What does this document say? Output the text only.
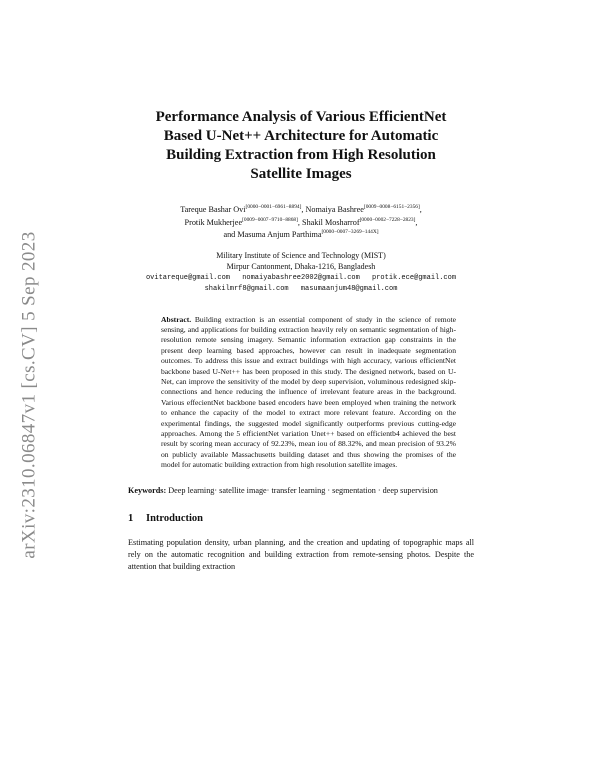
arXiv:2310.06847v1 [cs.CV] 5 Sep 2023
Performance Analysis of Various EfficientNet
Based U-Net++ Architecture for Automatic
Building Extraction from High Resolution
Satellite Images
Tareque Bashar Ovi[0000−0001−6961−8894], Nomaiya Bashree[0009−0008−6151−2356],
Protik Mukherjee[0009−0007−9710−8868], Shakil Mosharrof[0000−0002−7228−2823],
and Masuma Anjum Parthima[0000−0007−3269−144X]
Military Institute of Science and Technology (MIST)
Mirpur Cantonment, Dhaka-1216, Bangladesh
ovitareque@gmail.com nomaiyabashree2002@gmail.com protik.ece@gmail.com
shakilmrf8@gmail.com masumaanjum48@gmail.com
Abstract. Building extraction is an essential component of study in the science of remote sensing, and applications for building extraction heavily rely on semantic segmentation of high-resolution remote sensing imagery. Semantic information extraction gap constraints in the present deep learning based approaches, however can result in inadequate segmentation outcomes. To address this issue and extract buildings with high accuracy, various efficientNet backbone based U-Net++ has been proposed in this study. The designed network, based on U-Net, can improve the sensitivity of the model by deep supervision, voluminous redesigned skip-connections and hence reducing the influence of irrelevant feature areas in the background. Various effecientNet backbone based encoders have been employed when training the network to enhance the capacity of the model to extract more relevant feature. According on the experimental findings, the suggested model significantly outperforms previous cutting-edge approaches. Among the 5 efficientNet variation Unet++ based on efficientb4 achieved the best result by scoring mean accuracy of 92.23%, mean iou of 88.32%, and mean precision of 93.2% on publicly available Massachusetts building dataset and thus showing the promises of the model for automatic building extraction from high resolution satellite images.
Keywords: Deep learning· satellite image· transfer learning · segmentation · deep supervision
1 Introduction
Estimating population density, urban planning, and the creation and updating of topographic maps all rely on the automatic recognition and building extraction from remote-sensing photos. Despite the attention that building extraction
